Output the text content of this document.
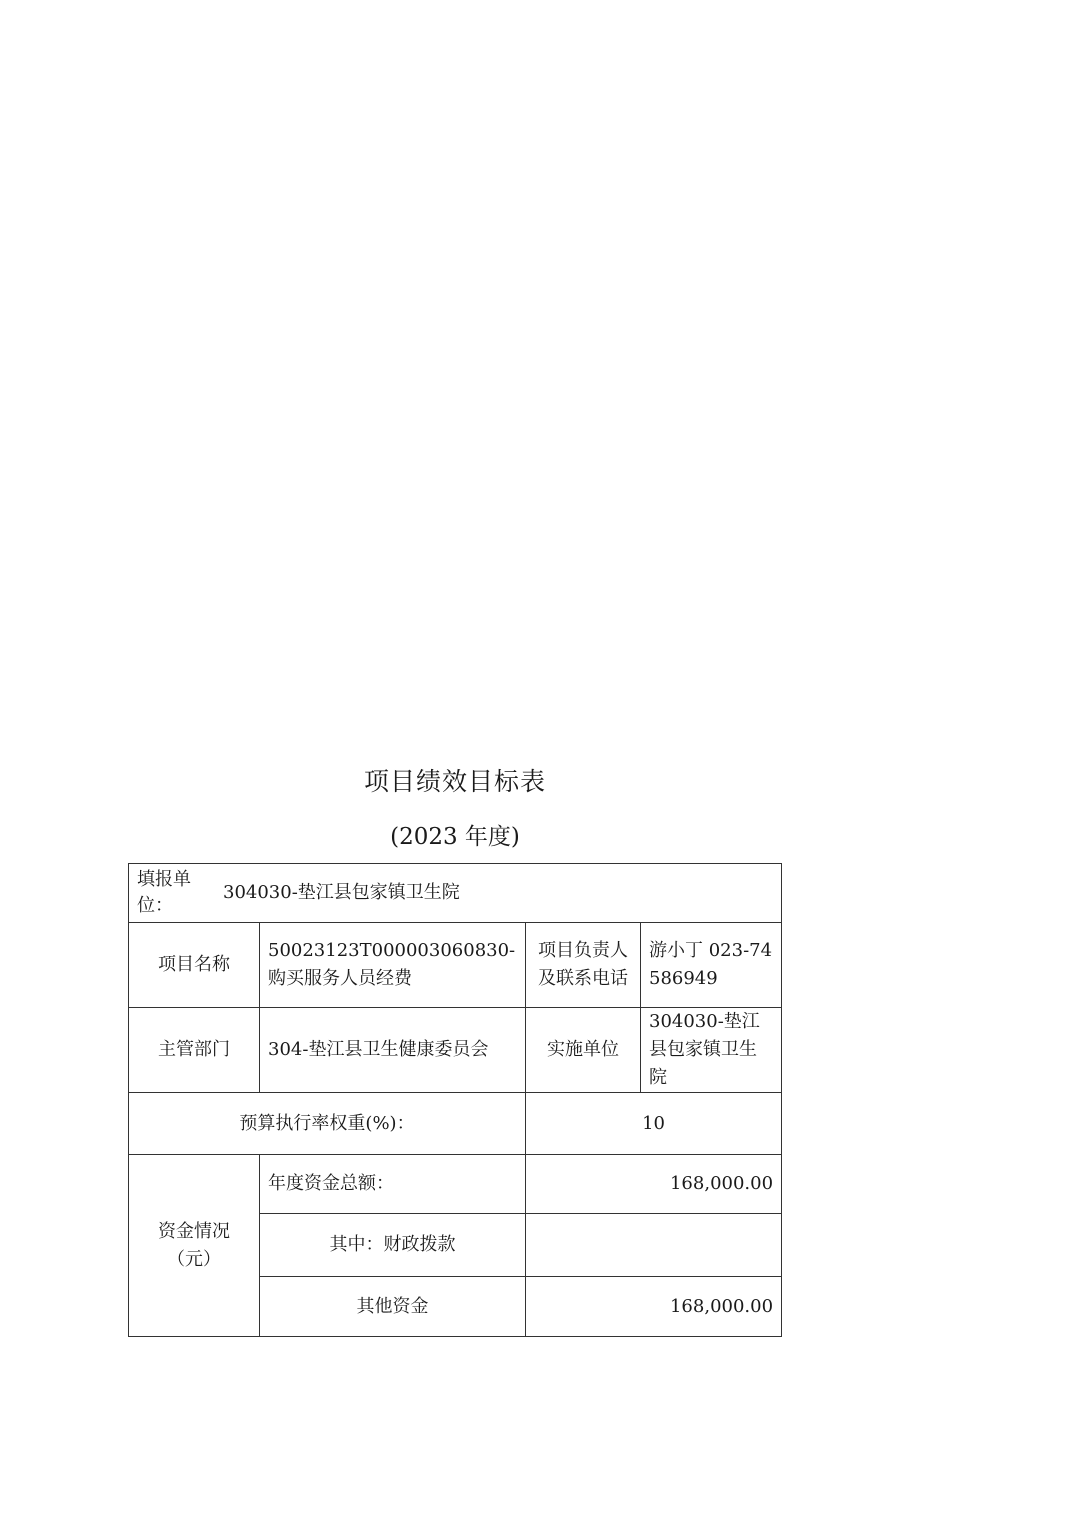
项目绩效目标表
(2023 年度)
填报单位：304030-垫江县包家镇卫生院			
项目名称	50023123T000003060830-购买服务人员经费	项目负责人及联系电话	游小丁 023-74586949
主管部门	304-垫江县卫生健康委员会	实施单位	304030-垫江县包家镇卫生院
预算执行率权重(%)：		10	
资金情况（元）	年度资金总额：	168,000.00	
	其中：财政拨款		
	其他资金	168,000.00	
